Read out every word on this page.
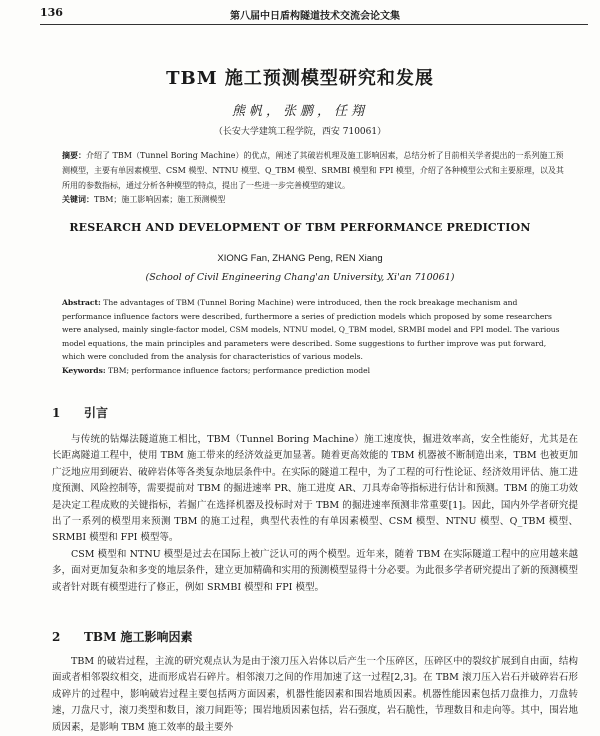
136	第八届中日盾构隧道技术交流会论文集
TBM 施工预测模型研究和发展
熊帆，张鹏，任翔
（长安大学建筑工程学院，西安 710061）
摘要：介绍了 TBM（Tunnel Boring Machine）的优点，阐述了其破岩机理及施工影响因素，总结分析了目前相关学者提出的一系列施工预测模型，主要有单因素模型、CSM 模型、NTNU 模型、Q_TBM 模型、SRMBI 模型和 FPI 模型，介绍了各种模型公式和主要原理，以及其所用的参数指标，通过分析各种模型的特点，提出了一些进一步完善模型的建议。
关键词：TBM；施工影响因素；施工预测模型
RESEARCH AND DEVELOPMENT OF TBM PERFORMANCE PREDICTION
XIONG Fan, ZHANG Peng, REN Xiang
(School of Civil Engineering Chang'an University, Xi'an 710061)
Abstract: The advantages of TBM (Tunnel Boring Machine) were introduced, then the rock breakage mechanism and performance influence factors were described, furthermore a series of prediction models which proposed by some researchers were analysed, mainly single-factor model, CSM models, NTNU model, Q_TBM model, SRMBI model and FPI model. The various model equations, the main principles and parameters were described. Some suggestions to further improve was put forward, which were concluded from the analysis for characteristics of various models.
Keywords: TBM; performance influence factors; performance prediction model
1 引言

与传统的钻爆法隧道施工相比，TBM（Tunnel Boring Machine）施工速度快，掘进效率高，安全性能好，尤其是在长距离隧道工程中，使用 TBM 施工带来的经济效益更加显著。随着更高效能的 TBM 机器被不断制造出来，TBM 也被更加广泛地应用到硬岩、破碎岩体等各类复杂地层条件中。在实际的隧道工程中，为了工程的可行性论证、经济效用评估、施工进度预测、风险控制等，需要提前对 TBM 的掘进速率 PR、施工进度 AR、刀具寿命等指标进行估计和预测。TBM 的施工功效是决定工程成败的关键指标，若掘广在选择机器及投标时对于 TBM 的掘进速率预测非常重要[1]。因此，国内外学者研究提出了一系列的模型用来预测 TBM 的施工过程，典型代表性的有单因素模型、CSM 模型、NTNU 模型、Q_TBM 模型、SRMBI 模型和 FPI 模型等。

CSM 模型和 NTNU 模型是过去在国际上被广泛认可的两个模型。近年来，随着 TBM 在实际隧道工程中的应用越来越多，面对更加复杂和多变的地层条件，建立更加精确和实用的预测模型显得十分必要。为此很多学者研究提出了新的预测模型或者针对既有模型进行了修正，例如 SRMBI 模型和 FPI 模型。

2 TBM 施工影响因素

TBM 的破岩过程，主流的研究观点认为是由于滚刀压入岩体以后产生一个压碎区，压碎区中的裂纹扩展到自由面，结构面或者相邻裂纹相交，进而形成岩石碎片。相邻滚刀之间的作用加速了这一过程[2,3]。在 TBM 滚刀压入岩石并破碎岩石形成碎片的过程中，影响破岩过程主要包括两方面因素，机器性能因素和围岩地质因素。机器性能因素包括刀盘推力，刀盘转速，刀盘尺寸，滚刀类型和数目，滚刀间距等；围岩地质因素包括，岩石强度，岩石脆性，节理数目和走向等。其中，围岩地质因素，是影响 TBM 施工效率的最主要外
